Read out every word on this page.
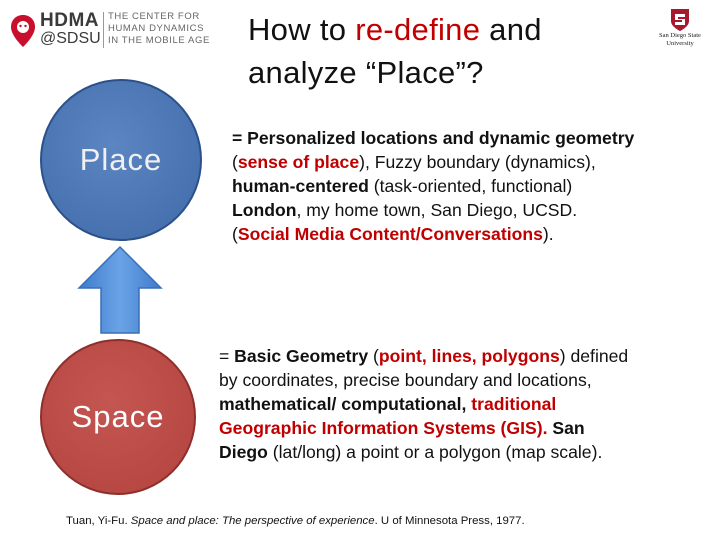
HDMA
@SDSU
THE CENTER FOR
HUMAN DYNAMICS
IN THE MOBILE AGE How to re-define and
analyze “Place”?
San Diego State
University
Place
Space
= Personalized locations and dynamic geometry
(sense of place), Fuzzy boundary (dynamics),
human-centered (task-oriented, functional)
London, my home town, San Diego, UCSD.
(Social Media Content/Conversations).
= Basic Geometry (point, lines, polygons) defined
by coordinates, precise boundary and locations,
mathematical/ computational, traditional
Geographic Information Systems (GIS). San
Diego (lat/long) a point or a polygon (map scale).
Tuan, Yi-Fu. Space and place: The perspective of experience. U of Minnesota Press, 1977.
